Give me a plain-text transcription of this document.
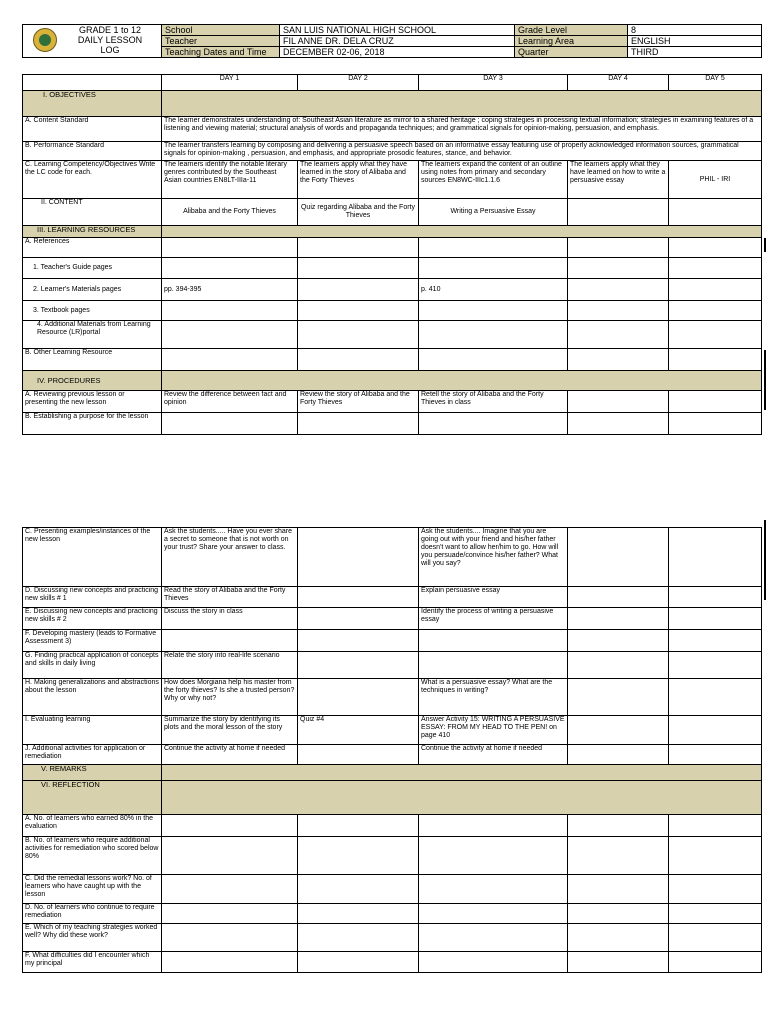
GRADE 1 to 12
DAILY LESSON
LOG	School	SAN LUIS NATIONAL HIGH SCHOOL	Grade Level	8
	Teacher	FIL ANNE DR. DELA CRUZ	Learning Area	ENGLISH
	Teaching Dates and Time	DECEMBER 02-06, 2018	Quarter	THIRD
	DAY 1	DAY 2	DAY 3	DAY 4	DAY 5
I. OBJECTIVES					
A. Content Standard	The learner demonstrates understanding of: Southeast Asian literature as mirror to a shared heritage ; coping strategies in processing textual information; strategies in examining features of a listening and viewing material; structural analysis of words and propaganda techniques; and grammatical signals for opinion-making, persuasion, and emphasis.				
B. Performance Standard	The learner transfers learning by composing and delivering a persuasive speech based on an informative essay featuring use of properly acknowledged information sources, grammatical signals for opinion-making , persuasion, and emphasis, and appropriate prosodic features, stance, and behavior.				
C. Learning Competency/Objectives Write the LC code for each.	The learners identify the notable literary genres contributed by the Southeast Asian countries EN8LT-IIIa-11	The learners apply what they have learned in the story of Alibaba and the Forty Thieves	The learners expand the content of an outline using notes from primary and secondary sources EN8WC-IIIc1.1.6	The learners apply what they have learned on how to write a persuasive essay	PHIL - IRI
II. CONTENT	Alibaba and the Forty Thieves	Quiz regarding Alibaba and the Forty Thieves	Writing a Persuasive Essay		
III. LEARNING RESOURCES					
A. References					
1. Teacher's Guide pages					
2. Learner's Materials pages	pp. 394-395		p. 410		
3. Textbook pages					
4. Additional Materials from Learning Resource (LR)portal					
B. Other Learning Resource					
IV. PROCEDURES					
A. Reviewing previous lesson or presenting the new lesson	Review the difference between fact and opinion	Review the story of Alibaba and the Forty Thieves	Retell the story of Alibaba and the Forty Thieves in class		
B. Establishing a purpose for the lesson					
C. Presenting examples/instances of the new lesson	Ask the students..... Have you ever share a secret to someone that is not worth on your trust? Share your answer to class.		Ask the students.... Imagine that you are going out with your friend and his/her father doesn't want to allow her/him to go. How will you persuade/convince his/her father? What will you say?		
D. Discussing new concepts and practicing new skills # 1	Read the story of Alibaba and the Forty Thieves		Explain persuasive essay		
E. Discussing new concepts and practicing new skills # 2	Discuss the story in class		Identify the process of writing a persuasive essay		
F. Developing mastery (leads to Formative Assessment 3)					
G. Finding practical application of concepts and skills in daily living	Relate the story into real-life scenario				
H. Making generalizations and abstractions about the lesson	How does Morgiana help his master from the forty thieves? Is she a trusted person? Why or why not?		What is a persuasive essay? What are the techniques in writing?		
I. Evaluating learning	Summarize the story by identifying its plots and the moral lesson of the story	Quiz #4	Answer Activity 15: WRITING A PERSUASIVE ESSAY: FROM MY HEAD TO THE PEN! on page 410		
J. Additional activities for application or remediation	Continue the activity at home if needed		Continue the activity at home if needed		
V. REMARKS					
VI. REFLECTION					
A. No. of learners who earned 80% in the evaluation					
B. No. of learners who require additional activities for remediation who scored below 80%					
C. Did the remedial lessons work? No. of learners who have caught up with the lesson					
D. No. of learners who continue to require remediation					
E. Which of my teaching strategies worked well? Why did these work?					
F. What difficulties did I encounter which my principal					
